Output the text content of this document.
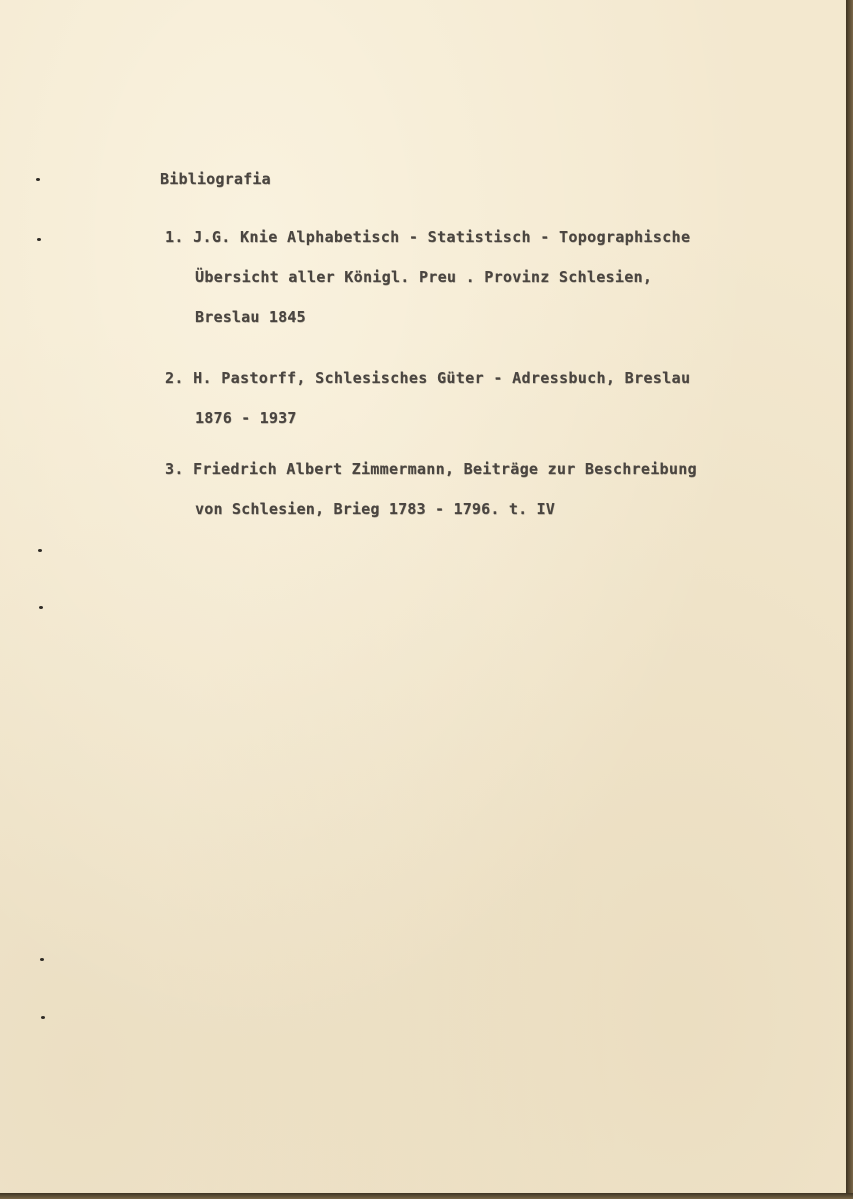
Bibliografia
1. J.G. Knie Alphabetisch - Statistisch - Topographische
Übersicht aller Königl. Preu . Provinz Schlesien,
Breslau 1845
2. H. Pastorff, Schlesisches Güter - Adressbuch, Breslau
1876 - 1937
3. Friedrich Albert Zimmermann, Beiträge zur Beschreibung
von Schlesien, Brieg 1783 - 1796. t. IV
